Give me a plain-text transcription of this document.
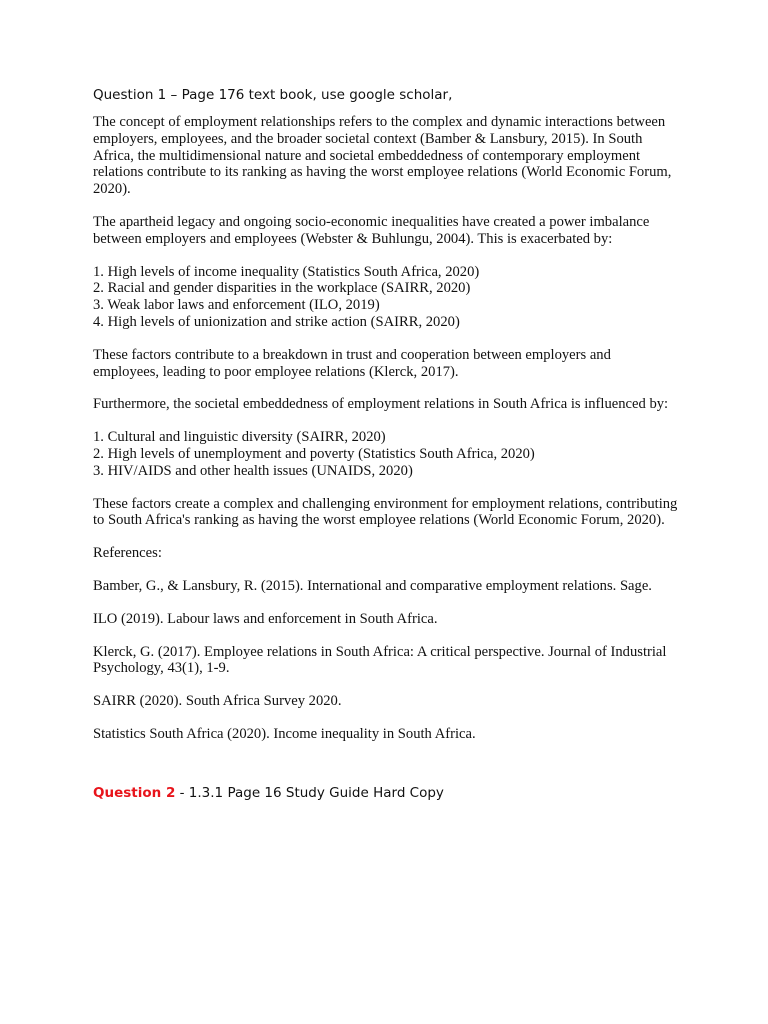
Question 1 – Page 176 text book, use google scholar,

The concept of employment relationships refers to the complex and dynamic interactions between employers, employees, and the broader societal context (Bamber & Lansbury, 2015). In South Africa, the multidimensional nature and societal embeddedness of contemporary employment relations contribute to its ranking as having the worst employee relations (World Economic Forum, 2020).

The apartheid legacy and ongoing socio-economic inequalities have created a power imbalance between employers and employees (Webster & Buhlungu, 2004). This is exacerbated by:

1. High levels of income inequality (Statistics South Africa, 2020)
2. Racial and gender disparities in the workplace (SAIRR, 2020)
3. Weak labor laws and enforcement (ILO, 2019)
4. High levels of unionization and strike action (SAIRR, 2020)

These factors contribute to a breakdown in trust and cooperation between employers and employees, leading to poor employee relations (Klerck, 2017).

Furthermore, the societal embeddedness of employment relations in South Africa is influenced by:

1. Cultural and linguistic diversity (SAIRR, 2020)
2. High levels of unemployment and poverty (Statistics South Africa, 2020)
3. HIV/AIDS and other health issues (UNAIDS, 2020)

These factors create a complex and challenging environment for employment relations, contributing to South Africa's ranking as having the worst employee relations (World Economic Forum, 2020).

References:

Bamber, G., & Lansbury, R. (2015). International and comparative employment relations. Sage.

ILO (2019). Labour laws and enforcement in South Africa.

Klerck, G. (2017). Employee relations in South Africa: A critical perspective. Journal of Industrial Psychology, 43(1), 1-9.

SAIRR (2020). South Africa Survey 2020.

Statistics South Africa (2020). Income inequality in South Africa.

Question 2 - 1.3.1 Page 16 Study Guide Hard Copy
